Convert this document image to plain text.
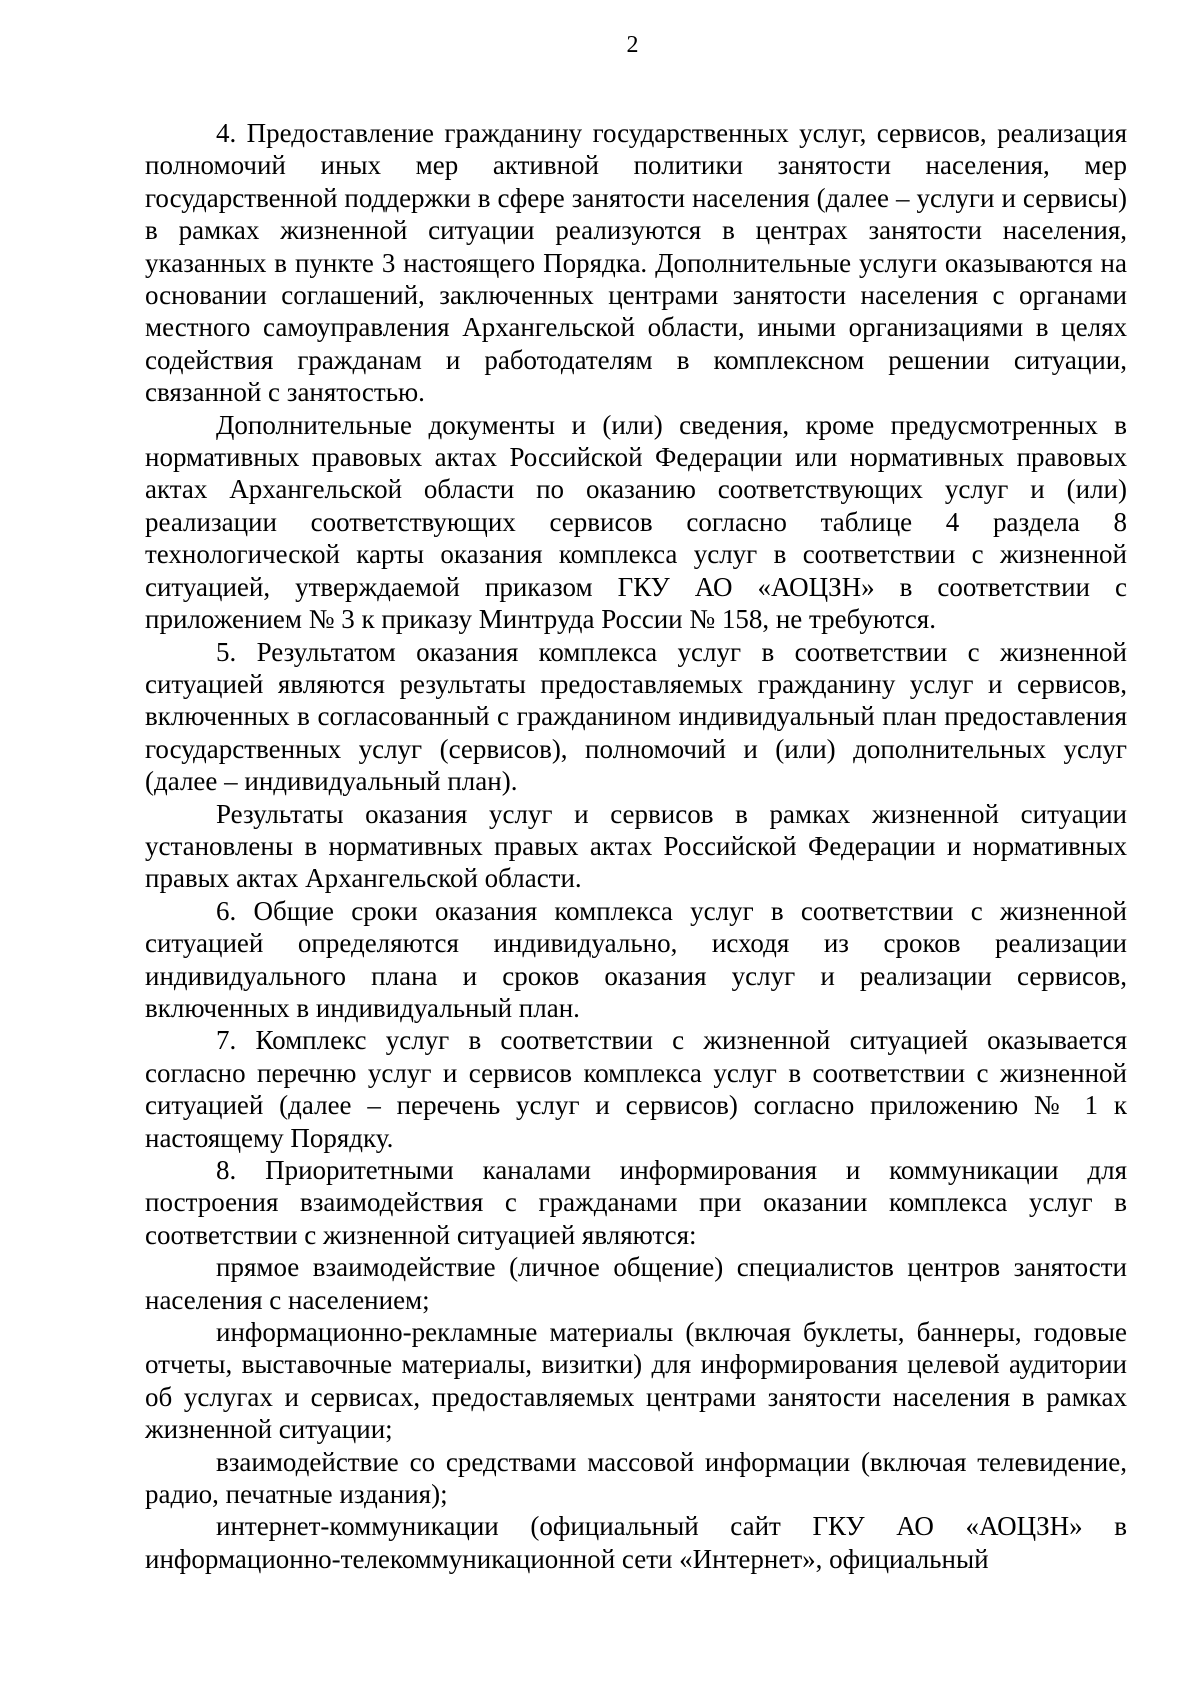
2

4. Предоставление гражданину государственных услуг, сервисов, реализация полномочий иных мер активной политики занятости населения, мер государственной поддержки в сфере занятости населения (далее – услуги и сервисы) в рамках жизненной ситуации реализуются в центрах занятости населения, указанных в пункте 3 настоящего Порядка. Дополнительные услуги оказываются на основании соглашений, заключенных центрами занятости населения с органами местного самоуправления Архангельской области, иными организациями в целях содействия гражданам и работодателям в комплексном решении ситуации, связанной с занятостью.

Дополнительные документы и (или) сведения, кроме предусмотренных в нормативных правовых актах Российской Федерации или нормативных правовых актах Архангельской области по оказанию соответствующих услуг и (или) реализации соответствующих сервисов согласно таблице 4 раздела 8 технологической карты оказания комплекса услуг в соответствии с жизненной ситуацией, утверждаемой приказом ГКУ АО «АОЦЗН» в соответствии с приложением № 3 к приказу Минтруда России № 158, не требуются.

5. Результатом оказания комплекса услуг в соответствии с жизненной ситуацией являются результаты предоставляемых гражданину услуг и сервисов, включенных в согласованный с гражданином индивидуальный план предоставления государственных услуг (сервисов), полномочий и (или) дополнительных услуг (далее – индивидуальный план).

Результаты оказания услуг и сервисов в рамках жизненной ситуации установлены в нормативных правых актах Российской Федерации и нормативных правых актах Архангельской области.

6. Общие сроки оказания комплекса услуг в соответствии с жизненной ситуацией определяются индивидуально, исходя из сроков реализации индивидуального плана и сроков оказания услуг и реализации сервисов, включенных в индивидуальный план.

7. Комплекс услуг в соответствии с жизненной ситуацией оказывается согласно перечню услуг и сервисов комплекса услуг в соответствии с жизненной ситуацией (далее – перечень услуг и сервисов) согласно приложению № 1 к настоящему Порядку.

8. Приоритетными каналами информирования и коммуникации для построения взаимодействия с гражданами при оказании комплекса услуг в соответствии с жизненной ситуацией являются:

прямое взаимодействие (личное общение) специалистов центров занятости населения с населением;

информационно-рекламные материалы (включая буклеты, баннеры, годовые отчеты, выставочные материалы, визитки) для информирования целевой аудитории об услугах и сервисах, предоставляемых центрами занятости населения в рамках жизненной ситуации;

взаимодействие со средствами массовой информации (включая телевидение, радио, печатные издания);

интернет-коммуникации (официальный сайт ГКУ АО «АОЦЗН» в информационно-телекоммуникационной сети «Интернет», официальный
